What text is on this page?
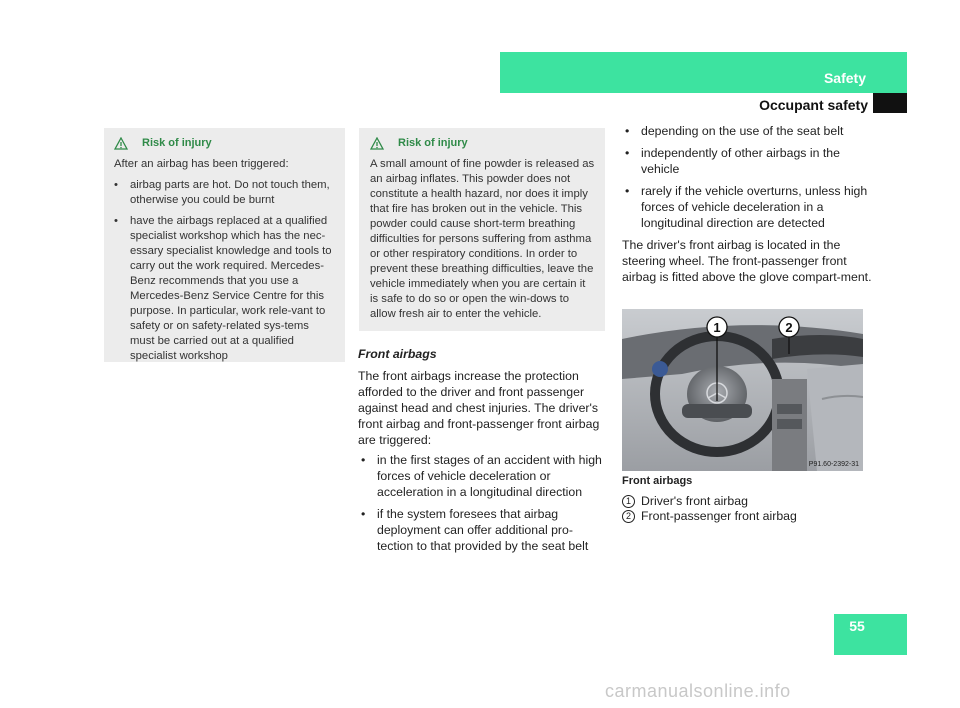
Safety
Occupant safety
Risk of injury

After an airbag has been triggered:

• airbag parts are hot. Do not touch them, otherwise you could be burnt
• have the airbags replaced at a qualified specialist workshop which has the nec-essary specialist knowledge and tools to carry out the work required. Mercedes-Benz recommends that you use a Mercedes-Benz Service Centre for this purpose. In particular, work rele-vant to safety or on safety-related sys-tems must be carried out at a qualified specialist workshop
Risk of injury

A small amount of fine powder is released as an airbag inflates. This powder does not constitute a health hazard, nor does it imply that fire has broken out in the vehicle. This powder could cause short-term breathing difficulties for persons suffering from asthma or other respiratory conditions. In order to prevent these breathing difficulties, leave the vehicle immediately when you are certain it is safe to do so or open the win-dows to allow fresh air to enter the vehicle.

Front airbags

The front airbags increase the protection afforded to the driver and front passenger against head and chest injuries. The driver's front airbag and front-passenger front airbag are triggered:

• in the first stages of an accident with high forces of vehicle deceleration or acceleration in a longitudinal direction
• if the system foresees that airbag deployment can offer additional pro-tection to that provided by the seat belt
• depending on the use of the seat belt
• independently of other airbags in the vehicle
• rarely if the vehicle overturns, unless high forces of vehicle deceleration in a longitudinal direction are detected

The driver's front airbag is located in the steering wheel. The front-passenger front airbag is fitted above the glove compart-ment.

1	2
P91.60-2392-31
Front airbags
1 Driver's front airbag
2 Front-passenger front airbag
55
carmanualsonline.info
